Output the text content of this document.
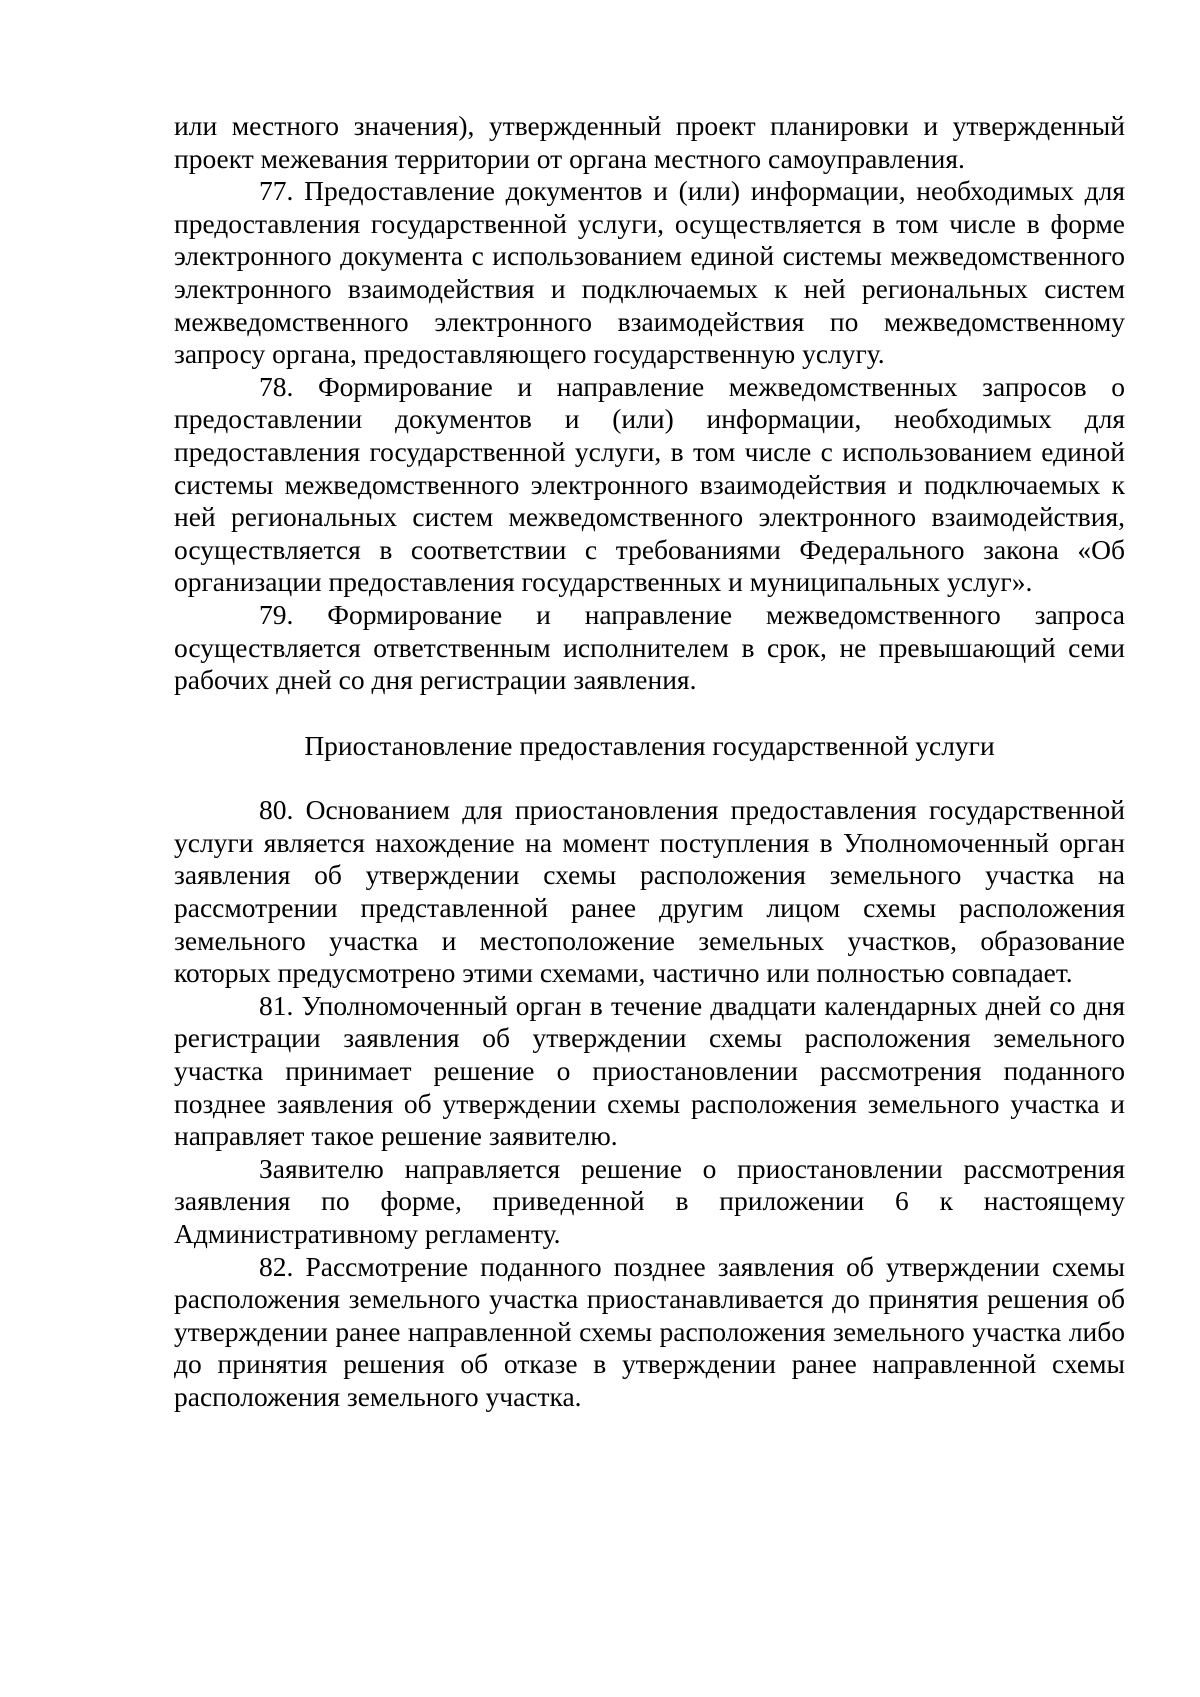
или местного значения), утвержденный проект планировки и утвержденный проект межевания территории от органа местного самоуправления.

77. Предоставление документов и (или) информации, необходимых для предоставления государственной услуги, осуществляется в том числе в форме электронного документа с использованием единой системы межведомственного электронного взаимодействия и подключаемых к ней региональных систем межведомственного электронного взаимодействия по межведомственному запросу органа, предоставляющего государственную услугу.

78. Формирование и направление межведомственных запросов о предоставлении документов и (или) информации, необходимых для предоставления государственной услуги, в том числе с использованием единой системы межведомственного электронного взаимодействия и подключаемых к ней региональных систем межведомственного электронного взаимодействия, осуществляется в соответствии с требованиями Федерального закона «Об организации предоставления государственных и муниципальных услуг».

79. Формирование и направление межведомственного запроса осуществляется ответственным исполнителем в срок, не превышающий семи рабочих дней со дня регистрации заявления.

Приостановление предоставления государственной услуги

80. Основанием для приостановления предоставления государственной услуги является нахождение на момент поступления в Уполномоченный орган заявления об утверждении схемы расположения земельного участка на рассмотрении представленной ранее другим лицом схемы расположения земельного участка и местоположение земельных участков, образование которых предусмотрено этими схемами, частично или полностью совпадает.

81. Уполномоченный орган в течение двадцати календарных дней со дня регистрации заявления об утверждении схемы расположения земельного участка принимает решение о приостановлении рассмотрения поданного позднее заявления об утверждении схемы расположения земельного участка и направляет такое решение заявителю.

Заявителю направляется решение о приостановлении рассмотрения заявления по форме, приведенной в приложении 6 к настоящему Административному регламенту.

82. Рассмотрение поданного позднее заявления об утверждении схемы расположения земельного участка приостанавливается до принятия решения об утверждении ранее направленной схемы расположения земельного участка либо до принятия решения об отказе в утверждении ранее направленной схемы расположения земельного участка.
